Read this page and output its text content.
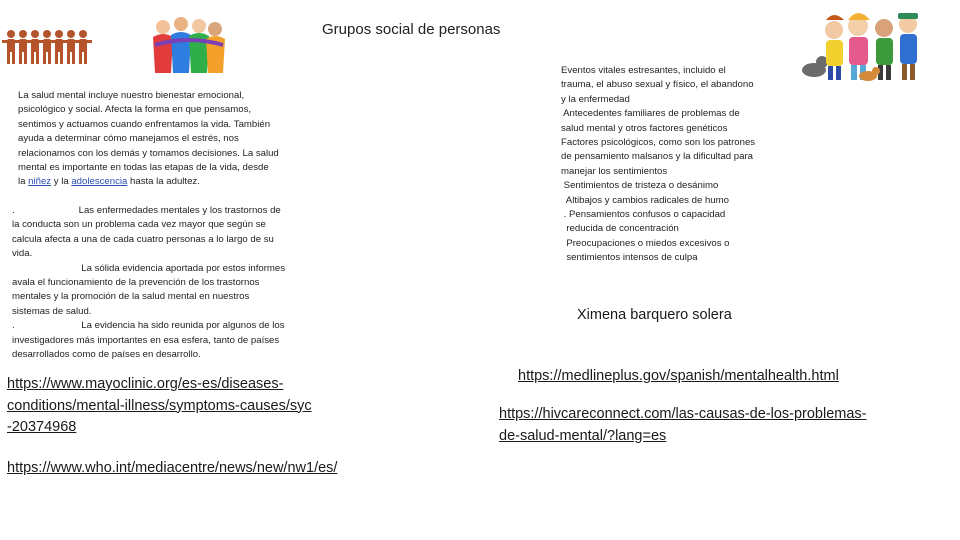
Grupos social de personas
La salud mental incluye nuestro bienestar emocional,
psicológico y social. Afecta la forma en que pensamos,
sentimos y actuamos cuando enfrentamos la vida. También
ayuda a determinar cómo manejamos el estrés, nos
relacionamos con los demás y tomamos decisiones. La salud
mental es importante en todas las etapas de la vida, desde
la niñez y la adolescencia hasta la adultez.
.                        Las enfermedades mentales y los trastornos de
la conducta son un problema cada vez mayor que según se
calcula afecta a una de cada cuatro personas a lo largo de su
vida.
La sólida evidencia aportada por estos informes
avala el funcionamiento de la prevención de los trastornos
mentales y la promoción de la salud mental en nuestros
sistemas de salud.
.                         La evidencia ha sido reunida por algunos de los
investigadores más importantes en esa esfera, tanto de países
desarrollados como de países en desarrollo.
Eventos vitales estresantes, incluido el
trauma, el abuso sexual y físico, el abandono
y la enfermedad
Antecedentes familiares de problemas de
salud mental y otros factores genéticos
Factores psicológicos, como son los patrones
de pensamiento malsanos y la dificultad para
manejar los sentimientos
Sentimientos de tristeza o desánimo
Altibajos y cambios radicales de humo
. Pensamientos confusos o capacidad
reducida de concentración
Preocupaciones o miedos excesivos o
sentimientos intensos de culpa
Ximena barquero solera
https://www.mayoclinic.org/es-es/diseases-
conditions/mental-illness/symptoms-causes/syc
-20374968
https://www.who.int/mediacentre/news/new/nw1/es/
https://medlineplus.gov/spanish/mentalhealth.html
https://hivcareconnect.com/las-causas-de-los-problemas-
de-salud-mental/?lang=es
